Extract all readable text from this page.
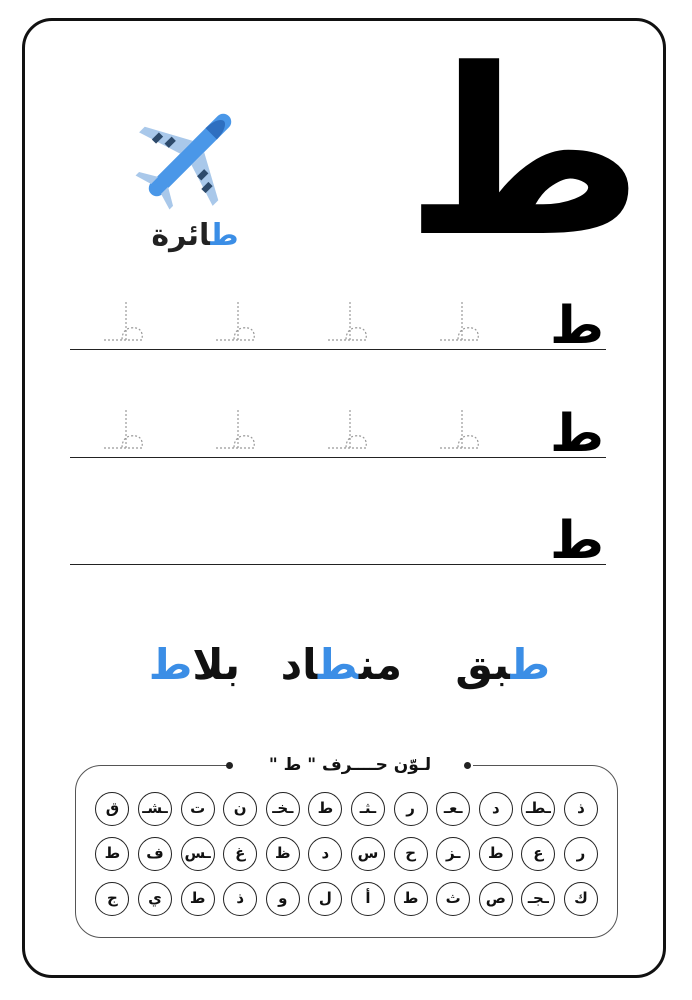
ط
طائرة
ط
ط
ط
طبق
منطاد
بلاط
لـوّن حــــرف " ط "
ذ
ـطـ
د
ـعـ
ر
ـثـ
ط
ـخـ
ن
ت
ـشـ
ق
ر
ع
ط
ـز
ح
س
د
ظ
غ
ـس
ف
ط
ك
ـجـ
ص
ث
ط
أ
ل
و
ذ
ط
ي
ج
